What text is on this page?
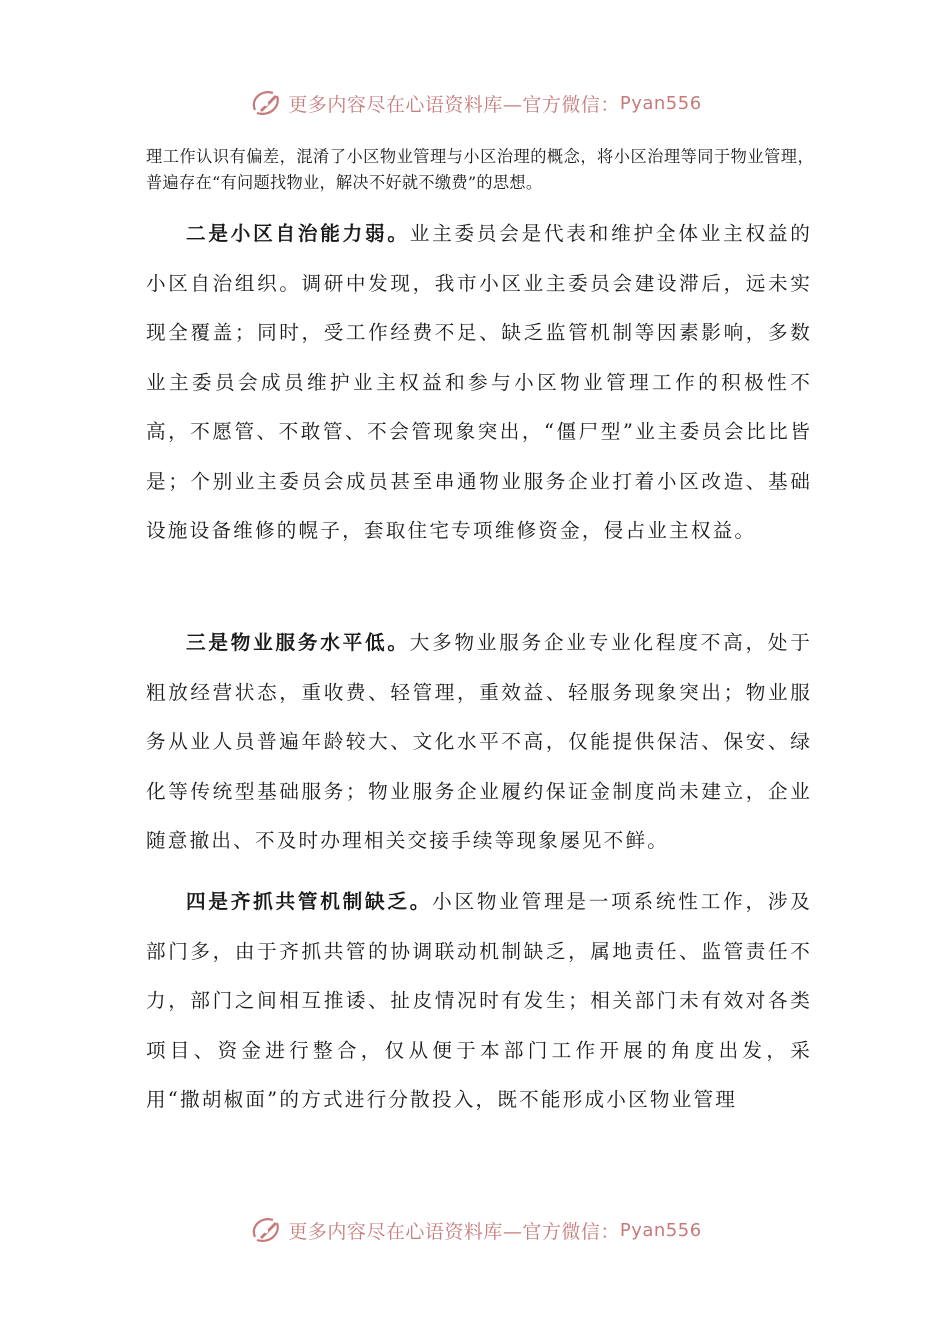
更多内容尽在心语资料库—官方微信： Pyan556
理工作认识有偏差，混淆了小区物业管理与小区治理的概念，将小区治理等同于物业管理，普遍存在“有问题找物业，解决不好就不缴费”的思想。

二是小区自治能力弱。业主委员会是代表和维护全体业主权益的小区自治组织。调研中发现，我市小区业主委员会建设滞后，远未实现全覆盖；同时，受工作经费不足、缺乏监管机制等因素影响，多数业主委员会成员维护业主权益和参与小区物业管理工作的积极性不高，不愿管、不敢管、不会管现象突出，“僵尸型”业主委员会比比皆是；个别业主委员会成员甚至串通物业服务企业打着小区改造、基础设施设备维修的幌子，套取住宅专项维修资金，侵占业主权益。

三是物业服务水平低。大多物业服务企业专业化程度不高，处于粗放经营状态，重收费、轻管理，重效益、轻服务现象突出；物业服务从业人员普遍年龄较大、文化水平不高，仅能提供保洁、保安、绿化等传统型基础服务；物业服务企业履约保证金制度尚未建立，企业随意撤出、不及时办理相关交接手续等现象屡见不鲜。

四是齐抓共管机制缺乏。小区物业管理是一项系统性工作，涉及部门多，由于齐抓共管的协调联动机制缺乏，属地责任、监管责任不力，部门之间相互推诿、扯皮情况时有发生；相关部门未有效对各类项目、资金进行整合，仅从便于本部门工作开展的角度出发，采用“撒胡椒面”的方式进行分散投入，既不能形成小区物业管理

更多内容尽在心语资料库—官方微信： Pyan556
